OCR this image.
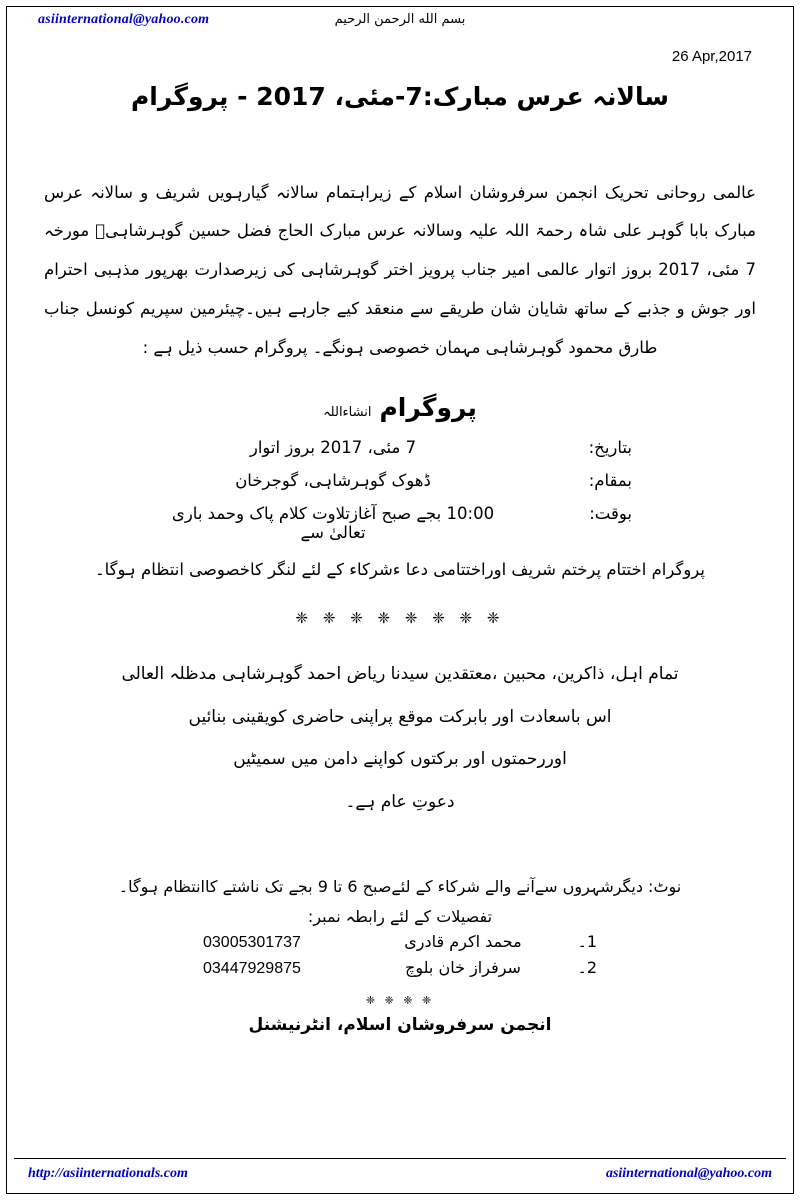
asiinternational@yahoo.com	بسم الله الرحمن الرحيم
26 Apr,2017
سالانہ عرس مبارک:7-مئی، 2017 - پروگرام
عالمی روحانی تحریک انجمن سرفروشان اسلام کے زیراہتمام سالانہ گیارہویں شریف و سالانہ عرس مبارک بابا گوہر علی شاہ رحمۃ اللہ علیہ وسالانہ عرس مبارک الحاج فضل حسین گوہرشاہیؒ مورخہ 7 مئی، 2017 بروز اتوار عالمی امیر جناب پرویز اختر گوہرشاہی کی زیرصدارت بھرپور مذہبی احترام اور جوش و جذبے کے ساتھ شایان شان طریقے سے منعقد کیے جارہے ہیں۔چیئرمین سپریم کونسل جناب طارق محمود گوہرشاہی مہمان خصوصی ہونگے۔ پروگرام حسب ذیل ہے :
پروگرام انشاءاللہ
بتاریخ:

7 مئی، 2017 بروز اتوار
بمقام:

ڈھوک گوہرشاہی، گوجرخان
بوقت:

10:00 بجے صبح آغازتلاوت کلام پاک وحمد باری تعالیٰ سے
پروگرام اختتام پرختم شریف اوراختتامی دعا ءشرکاء کے لئے لنگر کاخصوصی انتظام ہوگا۔
❈ ❈ ❈ ❈ ❈ ❈ ❈ ❈
تمام اہل، ذاکرین، محبین ،معتقدین سیدنا ریاض احمد گوہرشاہی مدظلہ العالی
اس باسعادت اور بابرکت موقع پراپنی حاضری کویقینی بنائیں
اوررحمتوں اور برکتوں کواپنے دامن میں سمیٹیں
دعوتِ عام ہے۔
نوٹ: دیگرشہروں سےآنے والے شرکاء کے لئےصبح 6 تا 9 بجے تک ناشتے کاانتظام ہوگا۔
تفصیلات کے لئے رابطہ نمبر:
1۔
محمد اکرم قادری
03005301737
2۔
سرفراز خان بلوچ
03447929875
❈ ❈ ❈ ❈
انجمن سرفروشان اسلام، انٹرنیشنل
http://asiinternationals.com	asiinternational@yahoo.com
